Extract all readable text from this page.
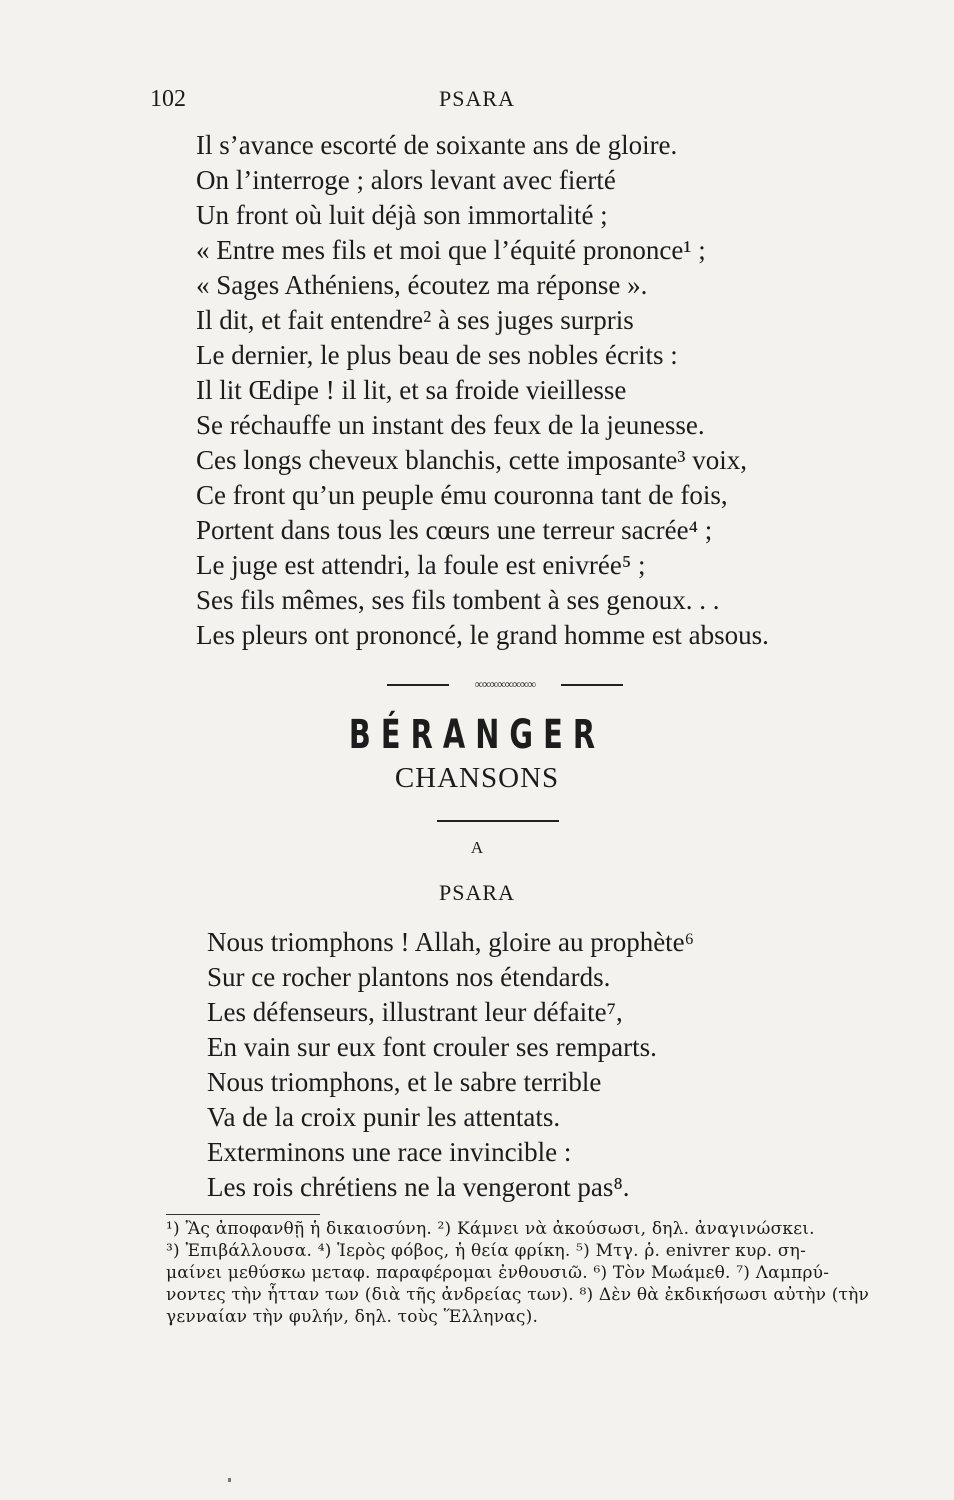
102	PSARA
Il s’avance escorté de soixante ans de gloire.
On l’interroge ; alors levant avec fierté
Un front où luit déjà son immortalité ;
« Entre mes fils et moi que l’équité prononce¹ ;
« Sages Athéniens, écoutez ma réponse ».
Il dit, et fait entendre² à ses juges surpris
Le dernier, le plus beau de ses nobles écrits :
Il lit Œdipe ! il lit, et sa froide vieillesse
Se réchauffe un instant des feux de la jeunesse.
Ces longs cheveux blanchis, cette imposante³ voix,
Ce front qu’un peuple ému couronna tant de fois,
Portent dans tous les cœurs une terreur sacrée⁴ ;
Le juge est attendri, la foule est enivrée⁵ ;
Ses fils mêmes, ses fils tombent à ses genoux. . .
Les pleurs ont prononcé, le grand homme est absous.
∞∞∞∞∞∞∞∞
BÉRANGER
CHANSONS
A
PSARA
Nous triomphons ! Allah, gloire au prophète⁶
Sur ce rocher plantons nos étendards.
Les défenseurs, illustrant leur défaite⁷,
En vain sur eux font crouler ses remparts.
Nous triomphons, et le sabre terrible
Va de la croix punir les attentats.
Exterminons une race invincible :
Les rois chrétiens ne la vengeront pas⁸.
¹) Ἂς ἀποφανθῇ ἡ δικαιοσύνη. ²) Κάμνει νὰ ἀκούσωσι, δηλ. ἀναγινώσκει.
³) Ἐπιβάλλουσα. ⁴) Ἱερὸς φόβος, ἡ θεία φρίκη. ⁵) Μτγ. ῥ. enivrer κυρ. ση-
μαίνει μεθύσκω μεταφ. παραφέρομαι ἐνθουσιῶ. ⁶) Τὸν Μωάμεθ. ⁷) Λαμπρύ-
νοντες τὴν ἧτταν των (διὰ τῆς ἀνδρείας των). ⁸) Δὲν θὰ ἐκδικήσωσι αὐτὴν (τὴν
γενναίαν τὴν φυλήν, δηλ. τοὺς Ἕλληνας).
